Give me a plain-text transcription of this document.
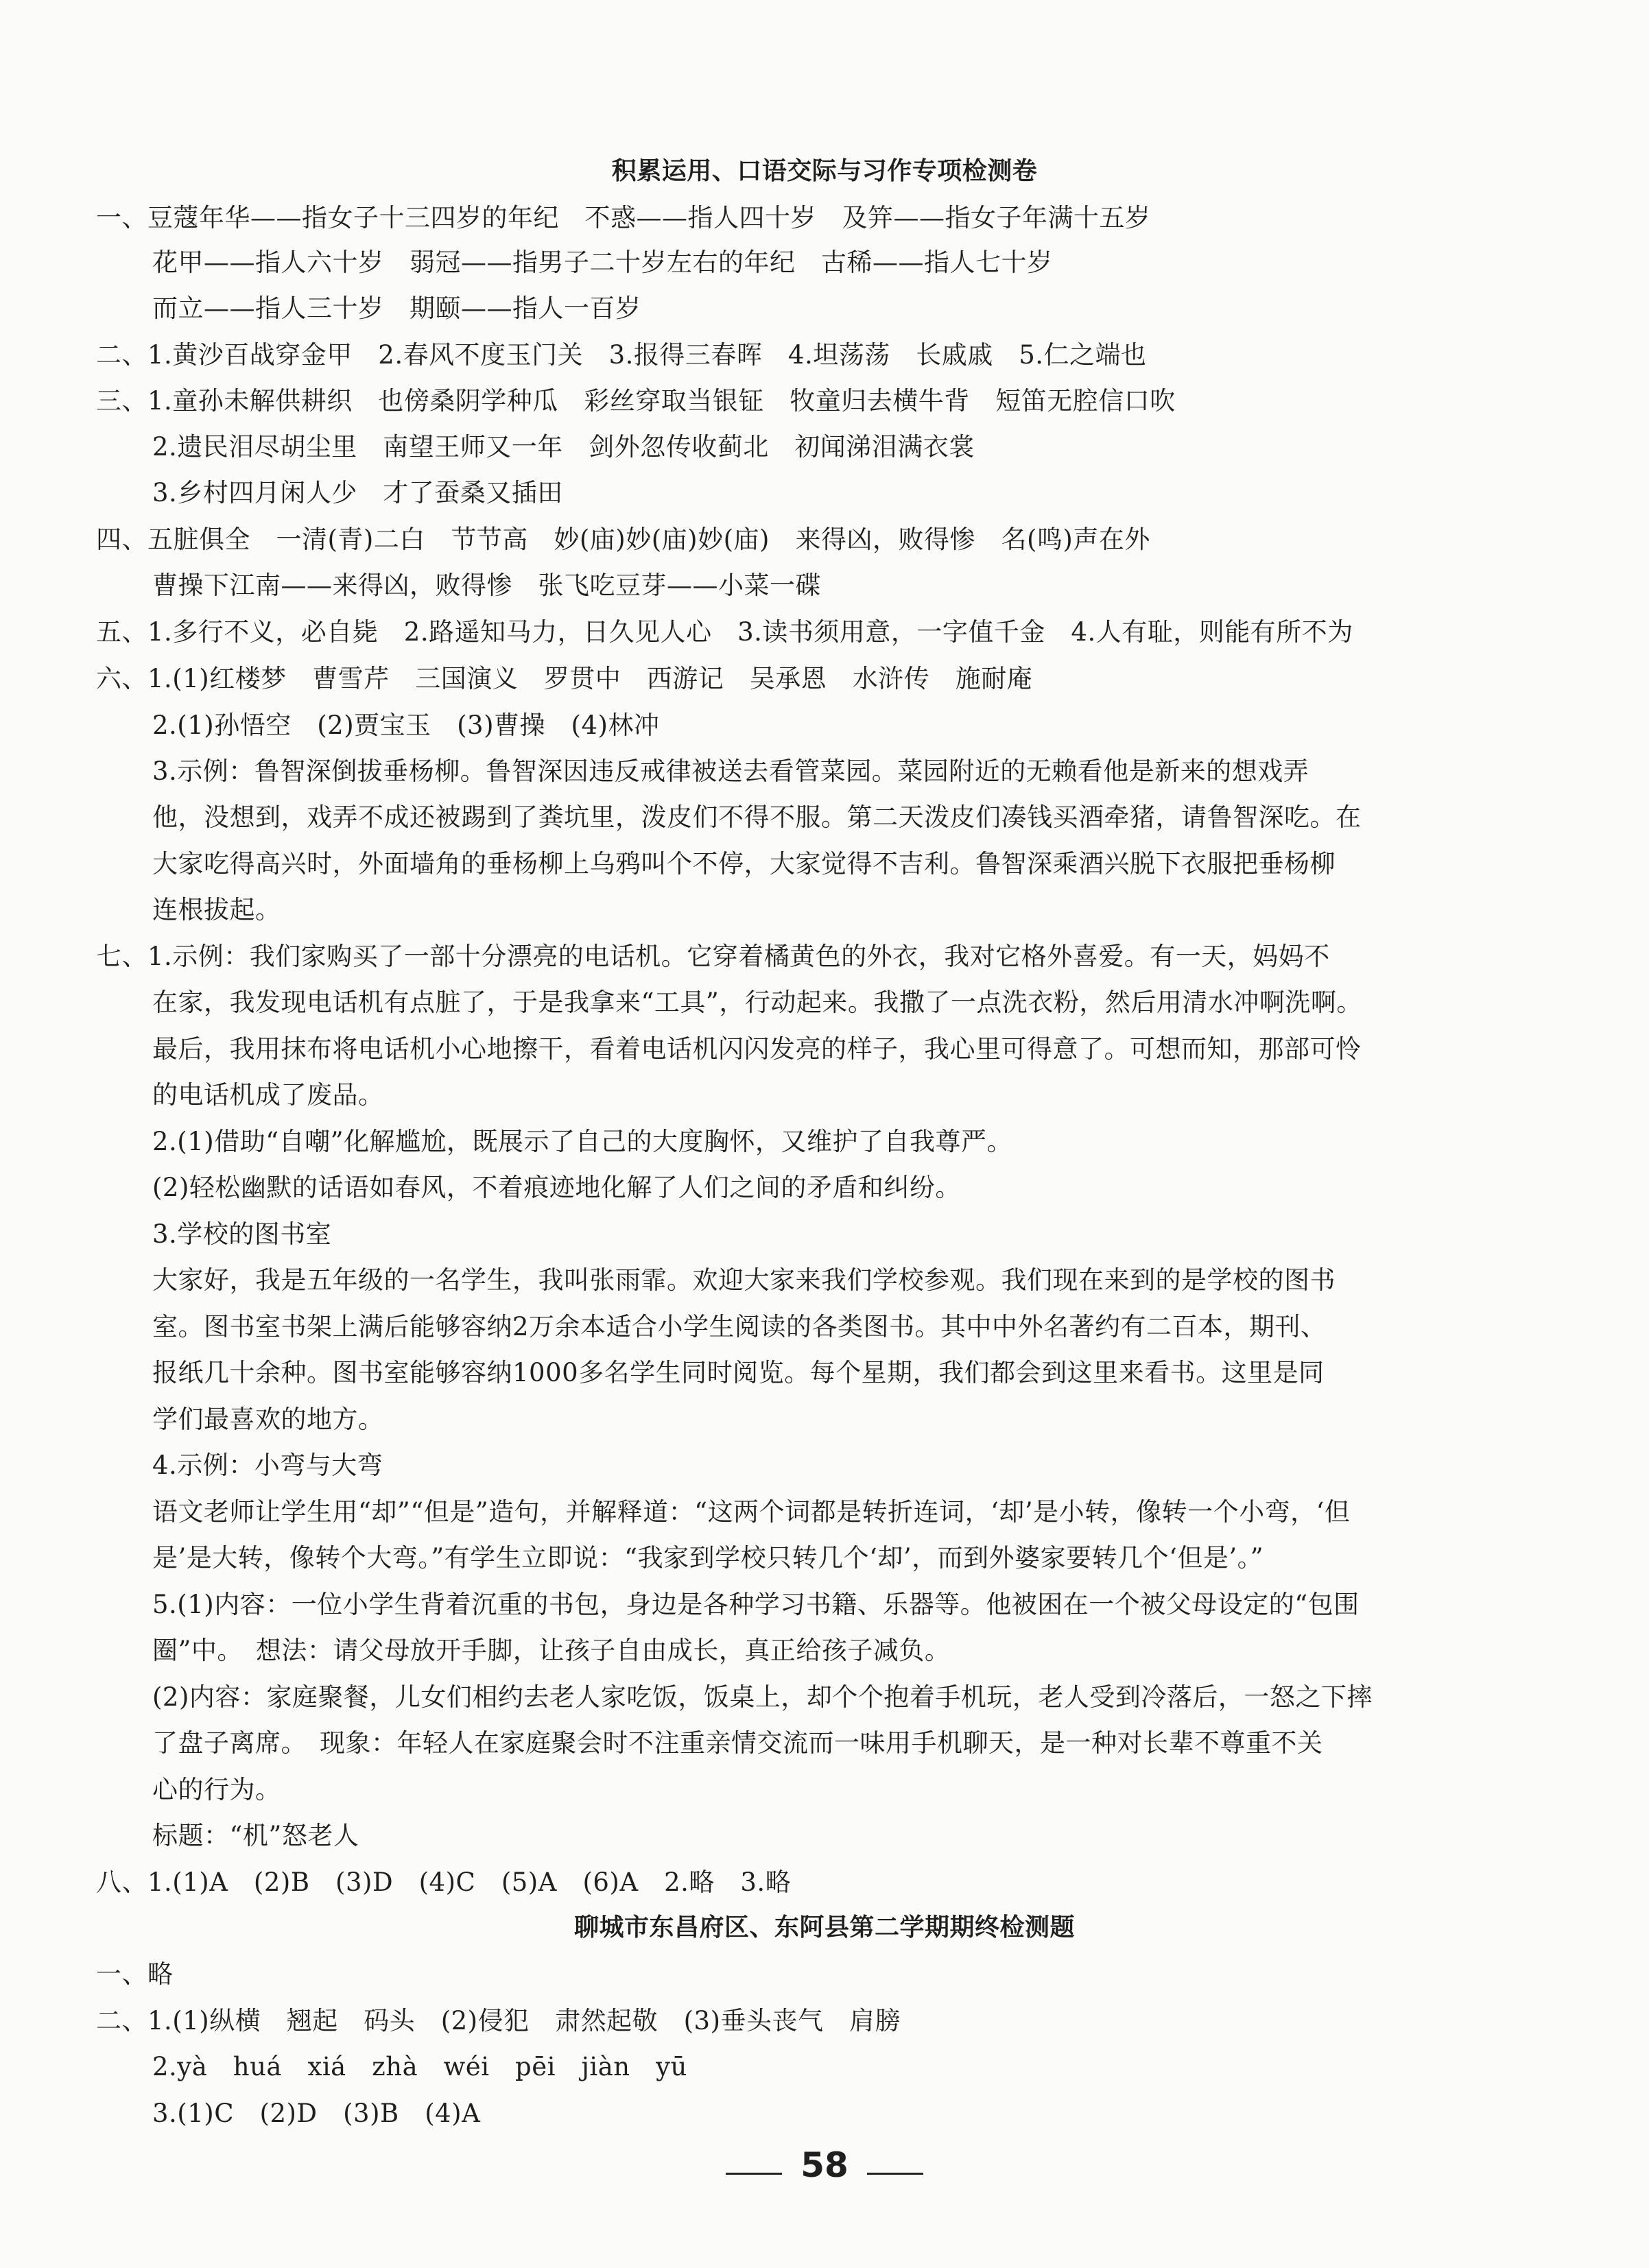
积累运用、口语交际与习作专项检测卷
一、豆蔻年华——指女子十三四岁的年纪　不惑——指人四十岁　及笄——指女子年满十五岁
花甲——指人六十岁　弱冠——指男子二十岁左右的年纪　古稀——指人七十岁
而立——指人三十岁　期颐——指人一百岁
二、1.黄沙百战穿金甲　2.春风不度玉门关　3.报得三春晖　4.坦荡荡　长戚戚　5.仁之端也
三、1.童孙未解供耕织　也傍桑阴学种瓜　彩丝穿取当银钲　牧童归去横牛背　短笛无腔信口吹
2.遗民泪尽胡尘里　南望王师又一年　剑外忽传收蓟北　初闻涕泪满衣裳
3.乡村四月闲人少　才了蚕桑又插田
四、五脏俱全　一清(青)二白　节节高　妙(庙)妙(庙)妙(庙)　来得凶，败得惨　名(鸣)声在外
曹操下江南——来得凶，败得惨　张飞吃豆芽——小菜一碟
五、1.多行不义，必自毙　2.路遥知马力，日久见人心　3.读书须用意，一字值千金　4.人有耻，则能有所不为
六、1.(1)红楼梦　曹雪芹　三国演义　罗贯中　西游记　吴承恩　水浒传　施耐庵
2.(1)孙悟空　(2)贾宝玉　(3)曹操　(4)林冲
3.示例：鲁智深倒拔垂杨柳。鲁智深因违反戒律被送去看管菜园。菜园附近的无赖看他是新来的想戏弄
他，没想到，戏弄不成还被踢到了粪坑里，泼皮们不得不服。第二天泼皮们凑钱买酒牵猪，请鲁智深吃。在
大家吃得高兴时，外面墙角的垂杨柳上乌鸦叫个不停，大家觉得不吉利。鲁智深乘酒兴脱下衣服把垂杨柳
连根拔起。
七、1.示例：我们家购买了一部十分漂亮的电话机。它穿着橘黄色的外衣，我对它格外喜爱。有一天，妈妈不
在家，我发现电话机有点脏了，于是我拿来“工具”，行动起来。我撒了一点洗衣粉，然后用清水冲啊洗啊。
最后，我用抹布将电话机小心地擦干，看着电话机闪闪发亮的样子，我心里可得意了。可想而知，那部可怜
的电话机成了废品。
2.(1)借助“自嘲”化解尴尬，既展示了自己的大度胸怀，又维护了自我尊严。
(2)轻松幽默的话语如春风，不着痕迹地化解了人们之间的矛盾和纠纷。
3.学校的图书室
大家好，我是五年级的一名学生，我叫张雨霏。欢迎大家来我们学校参观。我们现在来到的是学校的图书
室。图书室书架上满后能够容纳2万余本适合小学生阅读的各类图书。其中中外名著约有二百本，期刊、
报纸几十余种。图书室能够容纳1000多名学生同时阅览。每个星期，我们都会到这里来看书。这里是同
学们最喜欢的地方。
4.示例：小弯与大弯
语文老师让学生用“却”“但是”造句，并解释道：“这两个词都是转折连词，‘却’是小转，像转一个小弯，‘但
是’是大转，像转个大弯。”有学生立即说：“我家到学校只转几个‘却’，而到外婆家要转几个‘但是’。”
5.(1)内容：一位小学生背着沉重的书包，身边是各种学习书籍、乐器等。他被困在一个被父母设定的“包围
圈”中。　想法：请父母放开手脚，让孩子自由成长，真正给孩子减负。
(2)内容：家庭聚餐，儿女们相约去老人家吃饭，饭桌上，却个个抱着手机玩，老人受到冷落后，一怒之下摔
了盘子离席。　现象：年轻人在家庭聚会时不注重亲情交流而一味用手机聊天，是一种对长辈不尊重不关
心的行为。
标题：“机”怒老人
八、1.(1)A　(2)B　(3)D　(4)C　(5)A　(6)A　2.略　3.略
聊城市东昌府区、东阿县第二学期期终检测题
一、略
二、1.(1)纵横　翘起　码头　(2)侵犯　肃然起敬　(3)垂头丧气　肩膀
2.yà　huá　xiá　zhà　wéi　pēi　jiàn　yū
3.(1)C　(2)D　(3)B　(4)A
58
